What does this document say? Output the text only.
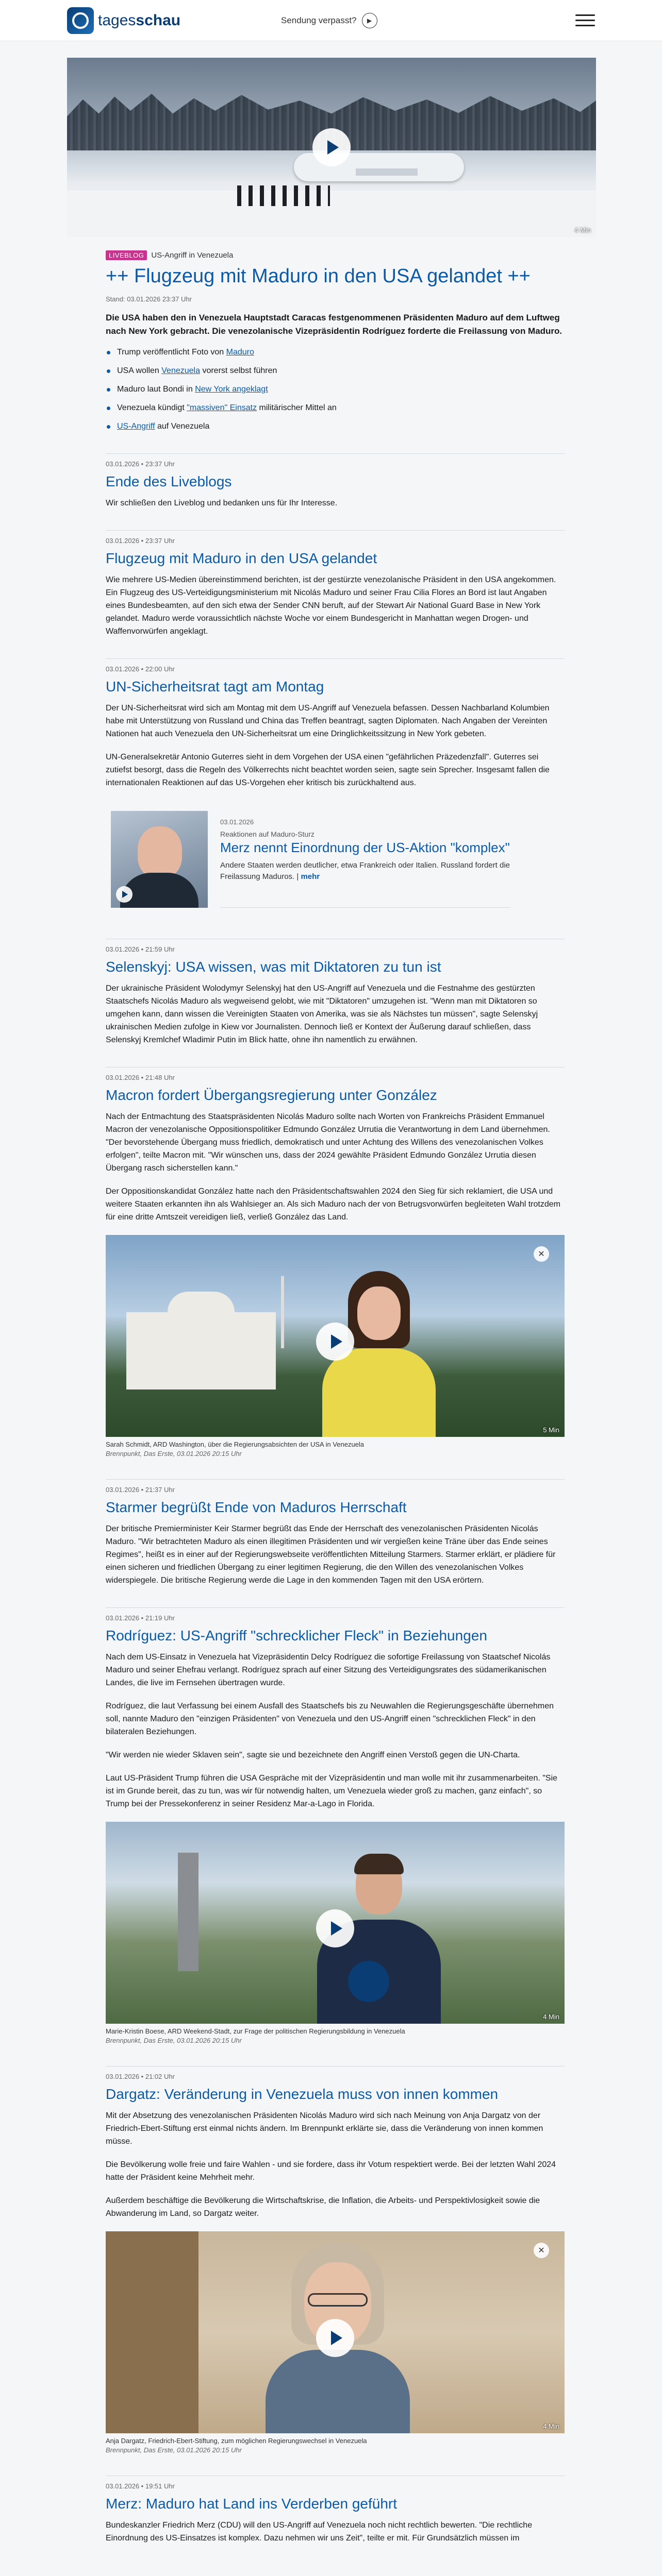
tagesschau	Sendung verpasst?	▶
4 Min
LIVEBLOG US-Angriff in Venezuela
++ Flugzeug mit Maduro in den USA gelandet ++
Stand: 03.01.2026 23:37 Uhr
Die USA haben den in Venezuela Hauptstadt Caracas festgenommenen Präsidenten Maduro auf dem Luftweg nach New York gebracht. Die venezolanische Vizepräsidentin Rodríguez forderte die Freilassung von Maduro.
Trump veröffentlicht Foto von Maduro
USA wollen Venezuela vorerst selbst führen
Maduro laut Bondi in New York angeklagt
Venezuela kündigt "massiven" Einsatz militärischer Mittel an
US-Angriff auf Venezuela
03.01.2026 • 23:37 Uhr
Ende des Liveblogs

Wir schließen den Liveblog und bedanken uns für Ihr Interesse.

03.01.2026 • 23:37 Uhr
Flugzeug mit Maduro in den USA gelandet

Wie mehrere US-Medien übereinstimmend berichten, ist der gestürzte venezolanische Präsident in den USA angekommen. Ein Flugzeug des US-Verteidigungsministerium mit Nicolás Maduro und seiner Frau Cilia Flores an Bord ist laut Angaben eines Bundesbeamten, auf den sich etwa der Sender CNN beruft, auf der Stewart Air National Guard Base in New York gelandet. Maduro werde voraussichtlich nächste Woche vor einem Bundesgericht in Manhattan wegen Drogen- und Waffenvorwürfen angeklagt.

03.01.2026 • 22:00 Uhr
UN-Sicherheitsrat tagt am Montag

Der UN-Sicherheitsrat wird sich am Montag mit dem US-Angriff auf Venezuela befassen. Dessen Nachbarland Kolumbien habe mit Unterstützung von Russland und China das Treffen beantragt, sagten Diplomaten. Nach Angaben der Vereinten Nationen hat auch Venezuela den UN-Sicherheitsrat um eine Dringlichkeitssitzung in New York gebeten.

UN-Generalsekretär Antonio Guterres sieht in dem Vorgehen der USA einen "gefährlichen Präzedenzfall". Guterres sei zutiefst besorgt, dass die Regeln des Völkerrechts nicht beachtet worden seien, sagte sein Sprecher. Insgesamt fallen die internationalen Reaktionen auf das US-Vorgehen eher kritisch bis zurückhaltend aus.

03.01.2026
Reaktionen auf Maduro-Sturz
Merz nennt Einordnung der US-Aktion "komplex"

Andere Staaten werden deutlicher, etwa Frankreich oder Italien. Russland fordert die Freilassung Maduros. | mehr

03.01.2026 • 21:59 Uhr
Selenskyj: USA wissen, was mit Diktatoren zu tun ist

Der ukrainische Präsident Wolodymyr Selenskyj hat den US-Angriff auf Venezuela und die Festnahme des gestürzten Staatschefs Nicolás Maduro als wegweisend gelobt, wie mit "Diktatoren" umzugehen ist. "Wenn man mit Diktatoren so umgehen kann, dann wissen die Vereinigten Staaten von Amerika, was sie als Nächstes tun müssen", sagte Selenskyj ukrainischen Medien zufolge in Kiew vor Journalisten. Dennoch ließ er Kontext der Äußerung darauf schließen, dass Selenskyj Kremlchef Wladimir Putin im Blick hatte, ohne ihn namentlich zu erwähnen.

03.01.2026 • 21:48 Uhr
Macron fordert Übergangsregierung unter González

Nach der Entmachtung des Staatspräsidenten Nicolás Maduro sollte nach Worten von Frankreichs Präsident Emmanuel Macron der venezolanische Oppositionspolitiker Edmundo González Urrutia die Verantwortung in dem Land übernehmen. "Der bevorstehende Übergang muss friedlich, demokratisch und unter Achtung des Willens des venezolanischen Volkes erfolgen", teilte Macron mit. "Wir wünschen uns, dass der 2024 gewählte Präsident Edmundo González Urrutia diesen Übergang rasch sicherstellen kann."

Der Oppositionskandidat González hatte nach den Präsidentschaftswahlen 2024 den Sieg für sich reklamiert, die USA und weitere Staaten erkannten ihn als Wahlsieger an. Als sich Maduro nach der von Betrugsvorwürfen begleiteten Wahl trotzdem für eine dritte Amtszeit vereidigen ließ, verließ González das Land.

✕
5 Min
Sarah Schmidt, ARD Washington, über die Regierungsabsichten der USA in Venezuela
Brennpunkt, Das Erste, 03.01.2026 20:15 Uhr
03.01.2026 • 21:37 Uhr
Starmer begrüßt Ende von Maduros Herrschaft

Der britische Premierminister Keir Starmer begrüßt das Ende der Herrschaft des venezolanischen Präsidenten Nicolás Maduro. "Wir betrachteten Maduro als einen illegitimen Präsidenten und wir vergießen keine Träne über das Ende seines Regimes", heißt es in einer auf der Regierungswebseite veröffentlichten Mitteilung Starmers. Starmer erklärt, er plädiere für einen sicheren und friedlichen Übergang zu einer legitimen Regierung, die den Willen des venezolanischen Volkes widerspiegele. Die britische Regierung werde die Lage in den kommenden Tagen mit den USA erörtern.

03.01.2026 • 21:19 Uhr
Rodríguez: US-Angriff "schrecklicher Fleck" in Beziehungen

Nach dem US-Einsatz in Venezuela hat Vizepräsidentin Delcy Rodríguez die sofortige Freilassung von Staatschef Nicolás Maduro und seiner Ehefrau verlangt. Rodríguez sprach auf einer Sitzung des Verteidigungsrates des südamerikanischen Landes, die live im Fernsehen übertragen wurde.

Rodríguez, die laut Verfassung bei einem Ausfall des Staatschefs bis zu Neuwahlen die Regierungsgeschäfte übernehmen soll, nannte Maduro den "einzigen Präsidenten" von Venezuela und den US-Angriff einen "schrecklichen Fleck" in den bilateralen Beziehungen.

"Wir werden nie wieder Sklaven sein", sagte sie und bezeichnete den Angriff einen Verstoß gegen die UN-Charta.

Laut US-Präsident Trump führen die USA Gespräche mit der Vizepräsidentin und man wolle mit ihr zusammenarbeiten. "Sie ist im Grunde bereit, das zu tun, was wir für notwendig halten, um Venezuela wieder groß zu machen, ganz einfach", so Trump bei der Pressekonferenz in seiner Residenz Mar-a-Lago in Florida.

4 Min
Marie-Kristin Boese, ARD Weekend-Stadt, zur Frage der politischen Regierungsbildung in Venezuela
Brennpunkt, Das Erste, 03.01.2026 20:15 Uhr
03.01.2026 • 21:02 Uhr
Dargatz: Veränderung in Venezuela muss von innen kommen

Mit der Absetzung des venezolanischen Präsidenten Nicolás Maduro wird sich nach Meinung von Anja Dargatz von der Friedrich-Ebert-Stiftung erst einmal nichts ändern. Im Brennpunkt erklärte sie, dass die Veränderung von innen kommen müsse.

Die Bevölkerung wolle freie und faire Wahlen - und sie fordere, dass ihr Votum respektiert werde. Bei der letzten Wahl 2024 hatte der Präsident keine Mehrheit mehr.

Außerdem beschäftige die Bevölkerung die Wirtschaftskrise, die Inflation, die Arbeits- und Perspektivlosigkeit sowie die Abwanderung im Land, so Dargatz weiter.

✕
4 Min
Anja Dargatz, Friedrich-Ebert-Stiftung, zum möglichen Regierungswechsel in Venezuela
Brennpunkt, Das Erste, 03.01.2026 20:15 Uhr
03.01.2026 • 19:51 Uhr
Merz: Maduro hat Land ins Verderben geführt

Bundeskanzler Friedrich Merz (CDU) will den US-Angriff auf Venezuela noch nicht rechtlich bewerten. "Die rechtliche Einordnung des US-Einsatzes ist komplex. Dazu nehmen wir uns Zeit", teilte er mit. Für Grundsätzlich müssen im
